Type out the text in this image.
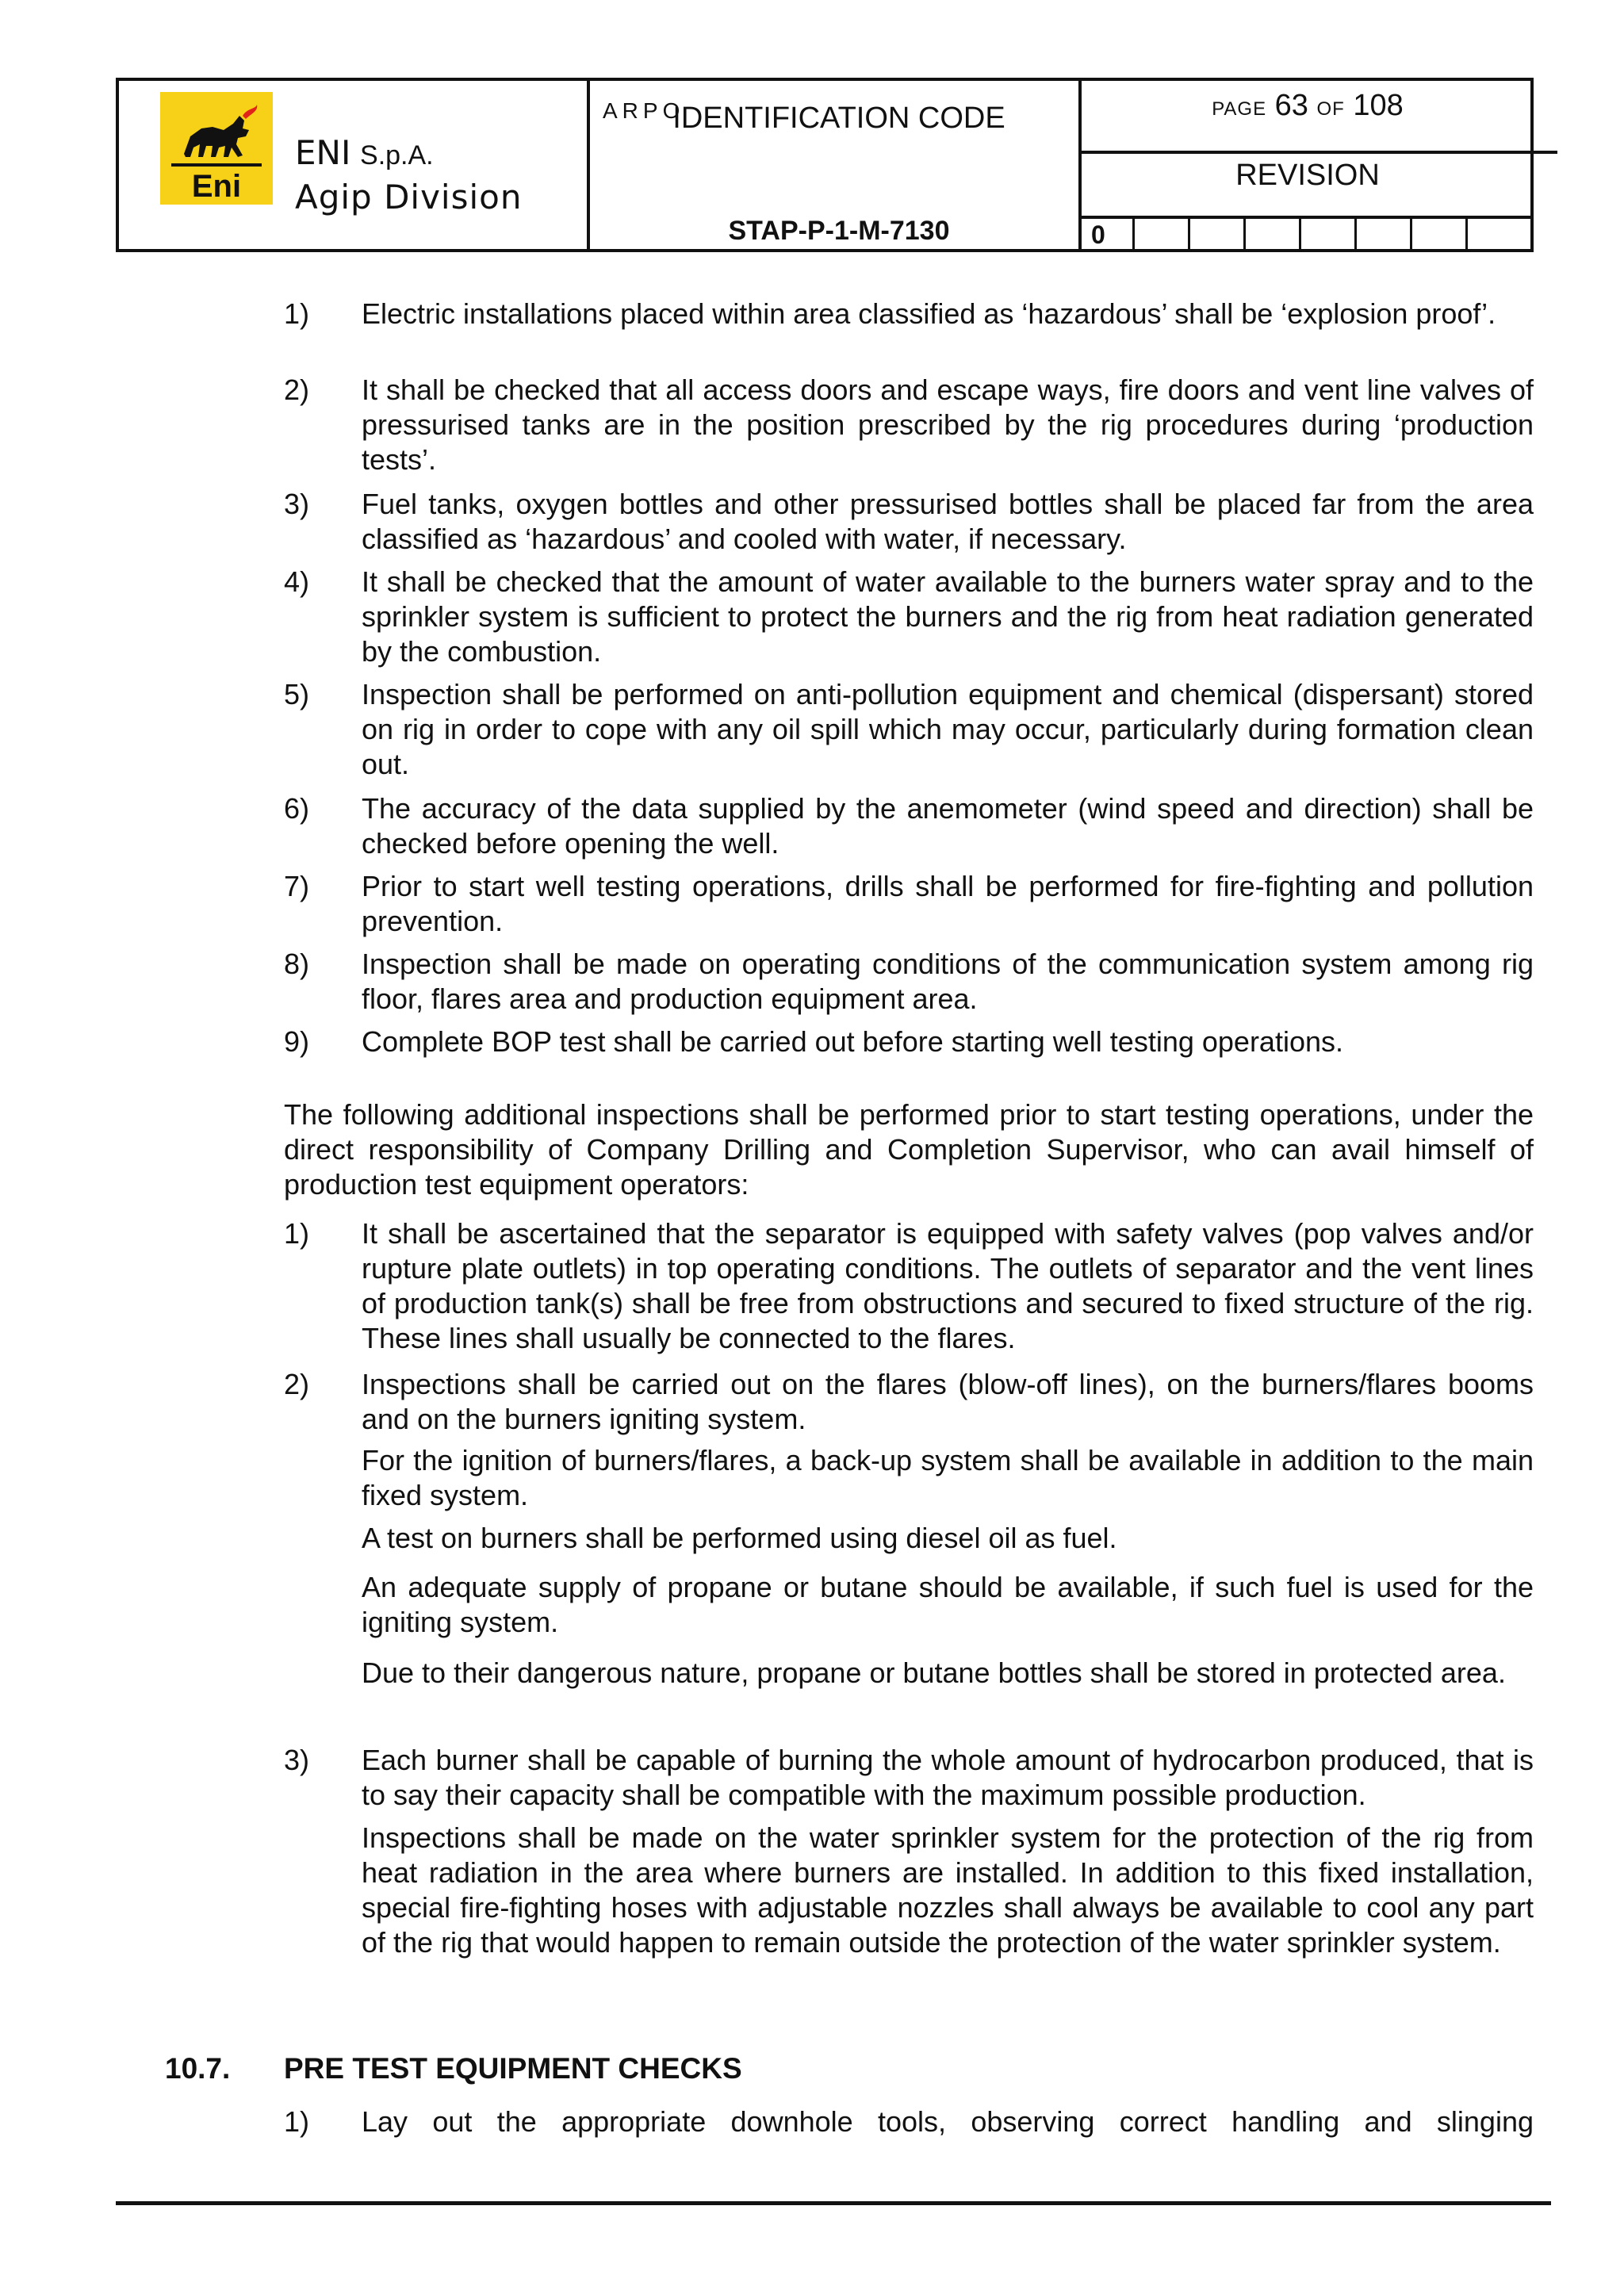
Eni
ARPO
ENI S.p.A.
Agip Division
IDENTIFICATION CODE
STAP-P-1-M-7130
PAGE 63 OF 108
REVISION
0
1) Electric installations placed within area classified as ‘hazardous’ shall be ‘explosion proof’.
2) It shall be checked that all access doors and escape ways, fire doors and vent line valves of pressurised tanks are in the position prescribed by the rig procedures during ‘production tests’.
3) Fuel tanks, oxygen bottles and other pressurised bottles shall be placed far from the area classified as ‘hazardous’ and cooled with water, if necessary.
4) It shall be checked that the amount of water available to the burners water spray and to the sprinkler system is sufficient to protect the burners and the rig from heat radiation generated by the combustion.
5) Inspection shall be performed on anti-pollution equipment and chemical (dispersant) stored on rig in order to cope with any oil spill which may occur, particularly during formation clean out.
6) The accuracy of the data supplied by the anemometer (wind speed and direction) shall be checked before opening the well.
7) Prior to start well testing operations, drills shall be performed for fire-fighting and pollution prevention.
8) Inspection shall be made on operating conditions of the communication system among rig floor, flares area and production equipment area.
9) Complete BOP test shall be carried out before starting well testing operations.
The following additional inspections shall be performed prior to start testing operations, under the direct responsibility of Company Drilling and Completion Supervisor, who can avail himself of production test equipment operators:
1) It shall be ascertained that the separator is equipped with safety valves (pop valves and/or rupture plate outlets) in top operating conditions. The outlets of separator and the vent lines of production tank(s) shall be free from obstructions and secured to fixed structure of the rig. These lines shall usually be connected to the flares.
2) Inspections shall be carried out on the flares (blow-off lines), on the burners/flares booms and on the burners igniting system.
For the ignition of burners/flares, a back-up system shall be available in addition to the main fixed system.
A test on burners shall be performed using diesel oil as fuel.
An adequate supply of propane or butane should be available, if such fuel is used for the igniting system.
Due to their dangerous nature, propane or butane bottles shall be stored in protected area.
3) Each burner shall be capable of burning the whole amount of hydrocarbon produced, that is to say their capacity shall be compatible with the maximum possible production.
Inspections shall be made on the water sprinkler system for the protection of the rig from heat radiation in the area where burners are installed. In addition to this fixed installation, special fire-fighting hoses with adjustable nozzles shall always be available to cool any part of the rig that would happen to remain outside the protection of the water sprinkler system.
10.7. PRE TEST EQUIPMENT CHECKS
1) Lay out the appropriate downhole tools, observing correct handling and slinging
